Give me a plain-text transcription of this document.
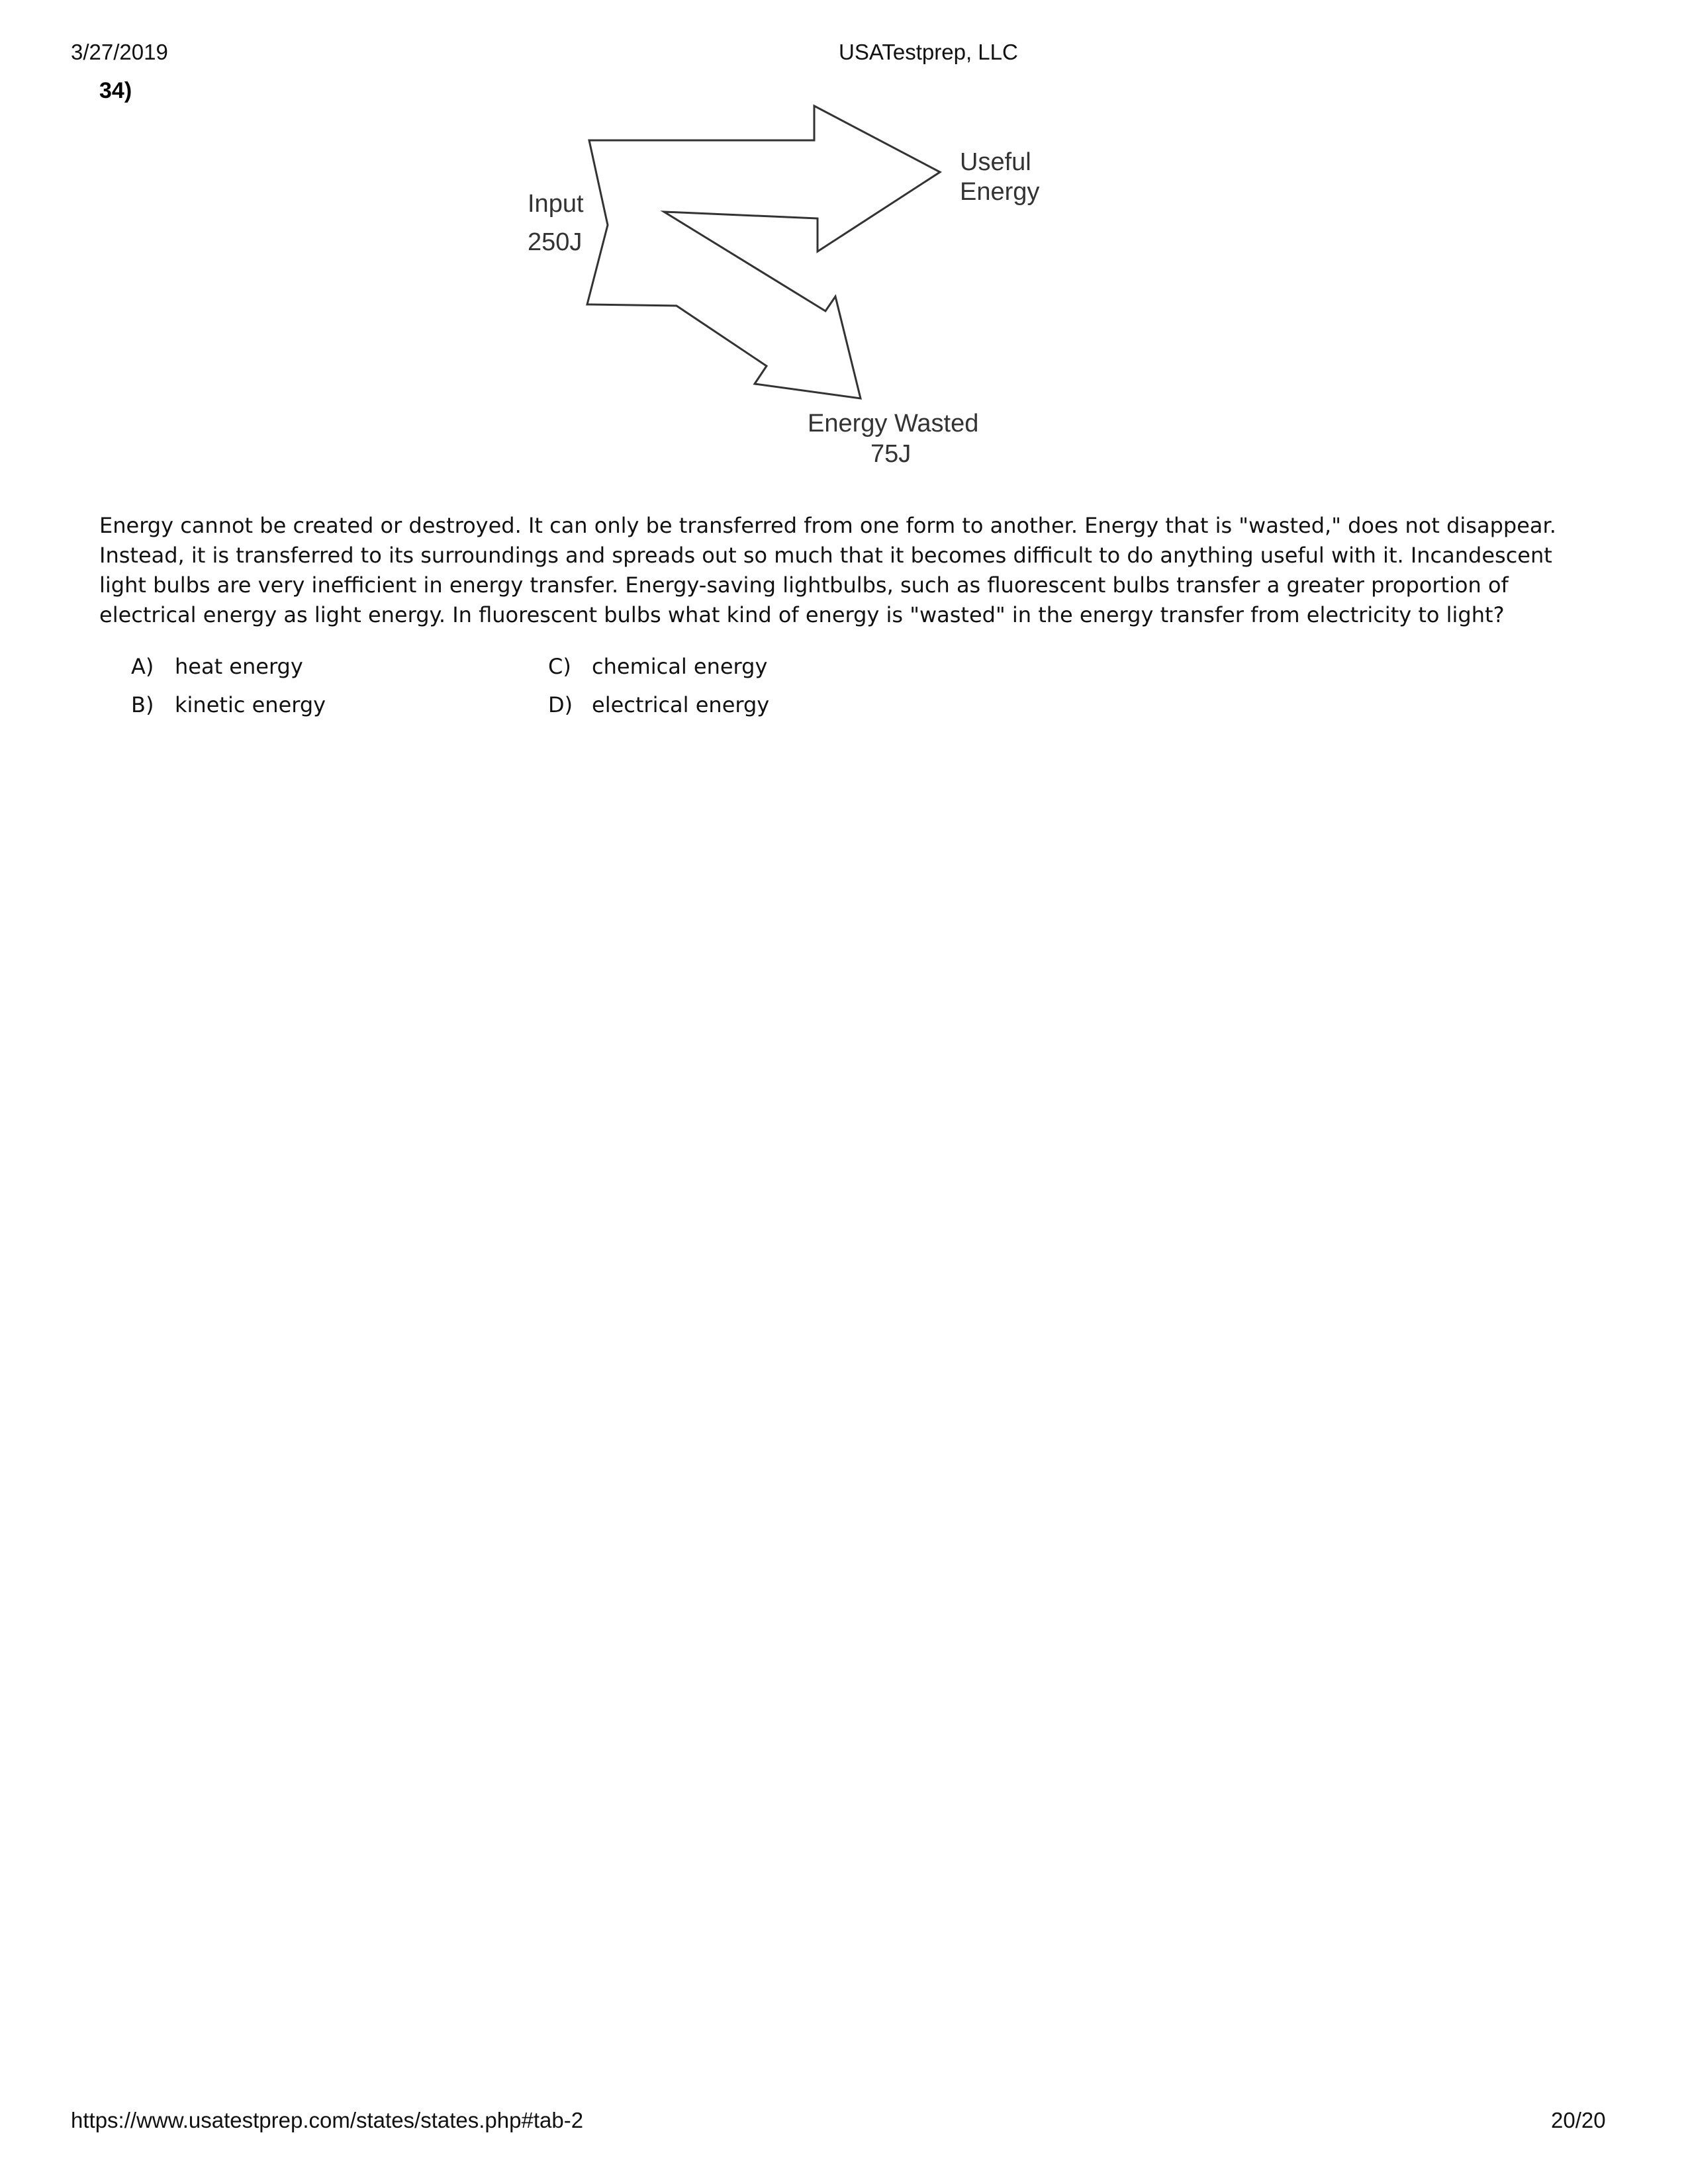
3/27/2019	USATestprep, LLC
34)
Input
250J
Useful
Energy
Energy Wasted
75J

Energy cannot be created or destroyed. It can only be transferred from one form to another. Energy that is "wasted," does not disappear.

Instead, it is transferred to its surroundings and spreads out so much that it becomes difficult to do anything useful with it. Incandescent

light bulbs are very inefficient in energy transfer. Energy-saving lightbulbs, such as fluorescent bulbs transfer a greater proportion of

electrical energy as light energy. In fluorescent bulbs what kind of energy is "wasted" in the energy transfer from electricity to light?

A) heat energy
B) kinetic energy
C) chemical energy
D) electrical energy
https://www.usatestprep.com/states/states.php#tab-2	20/20
